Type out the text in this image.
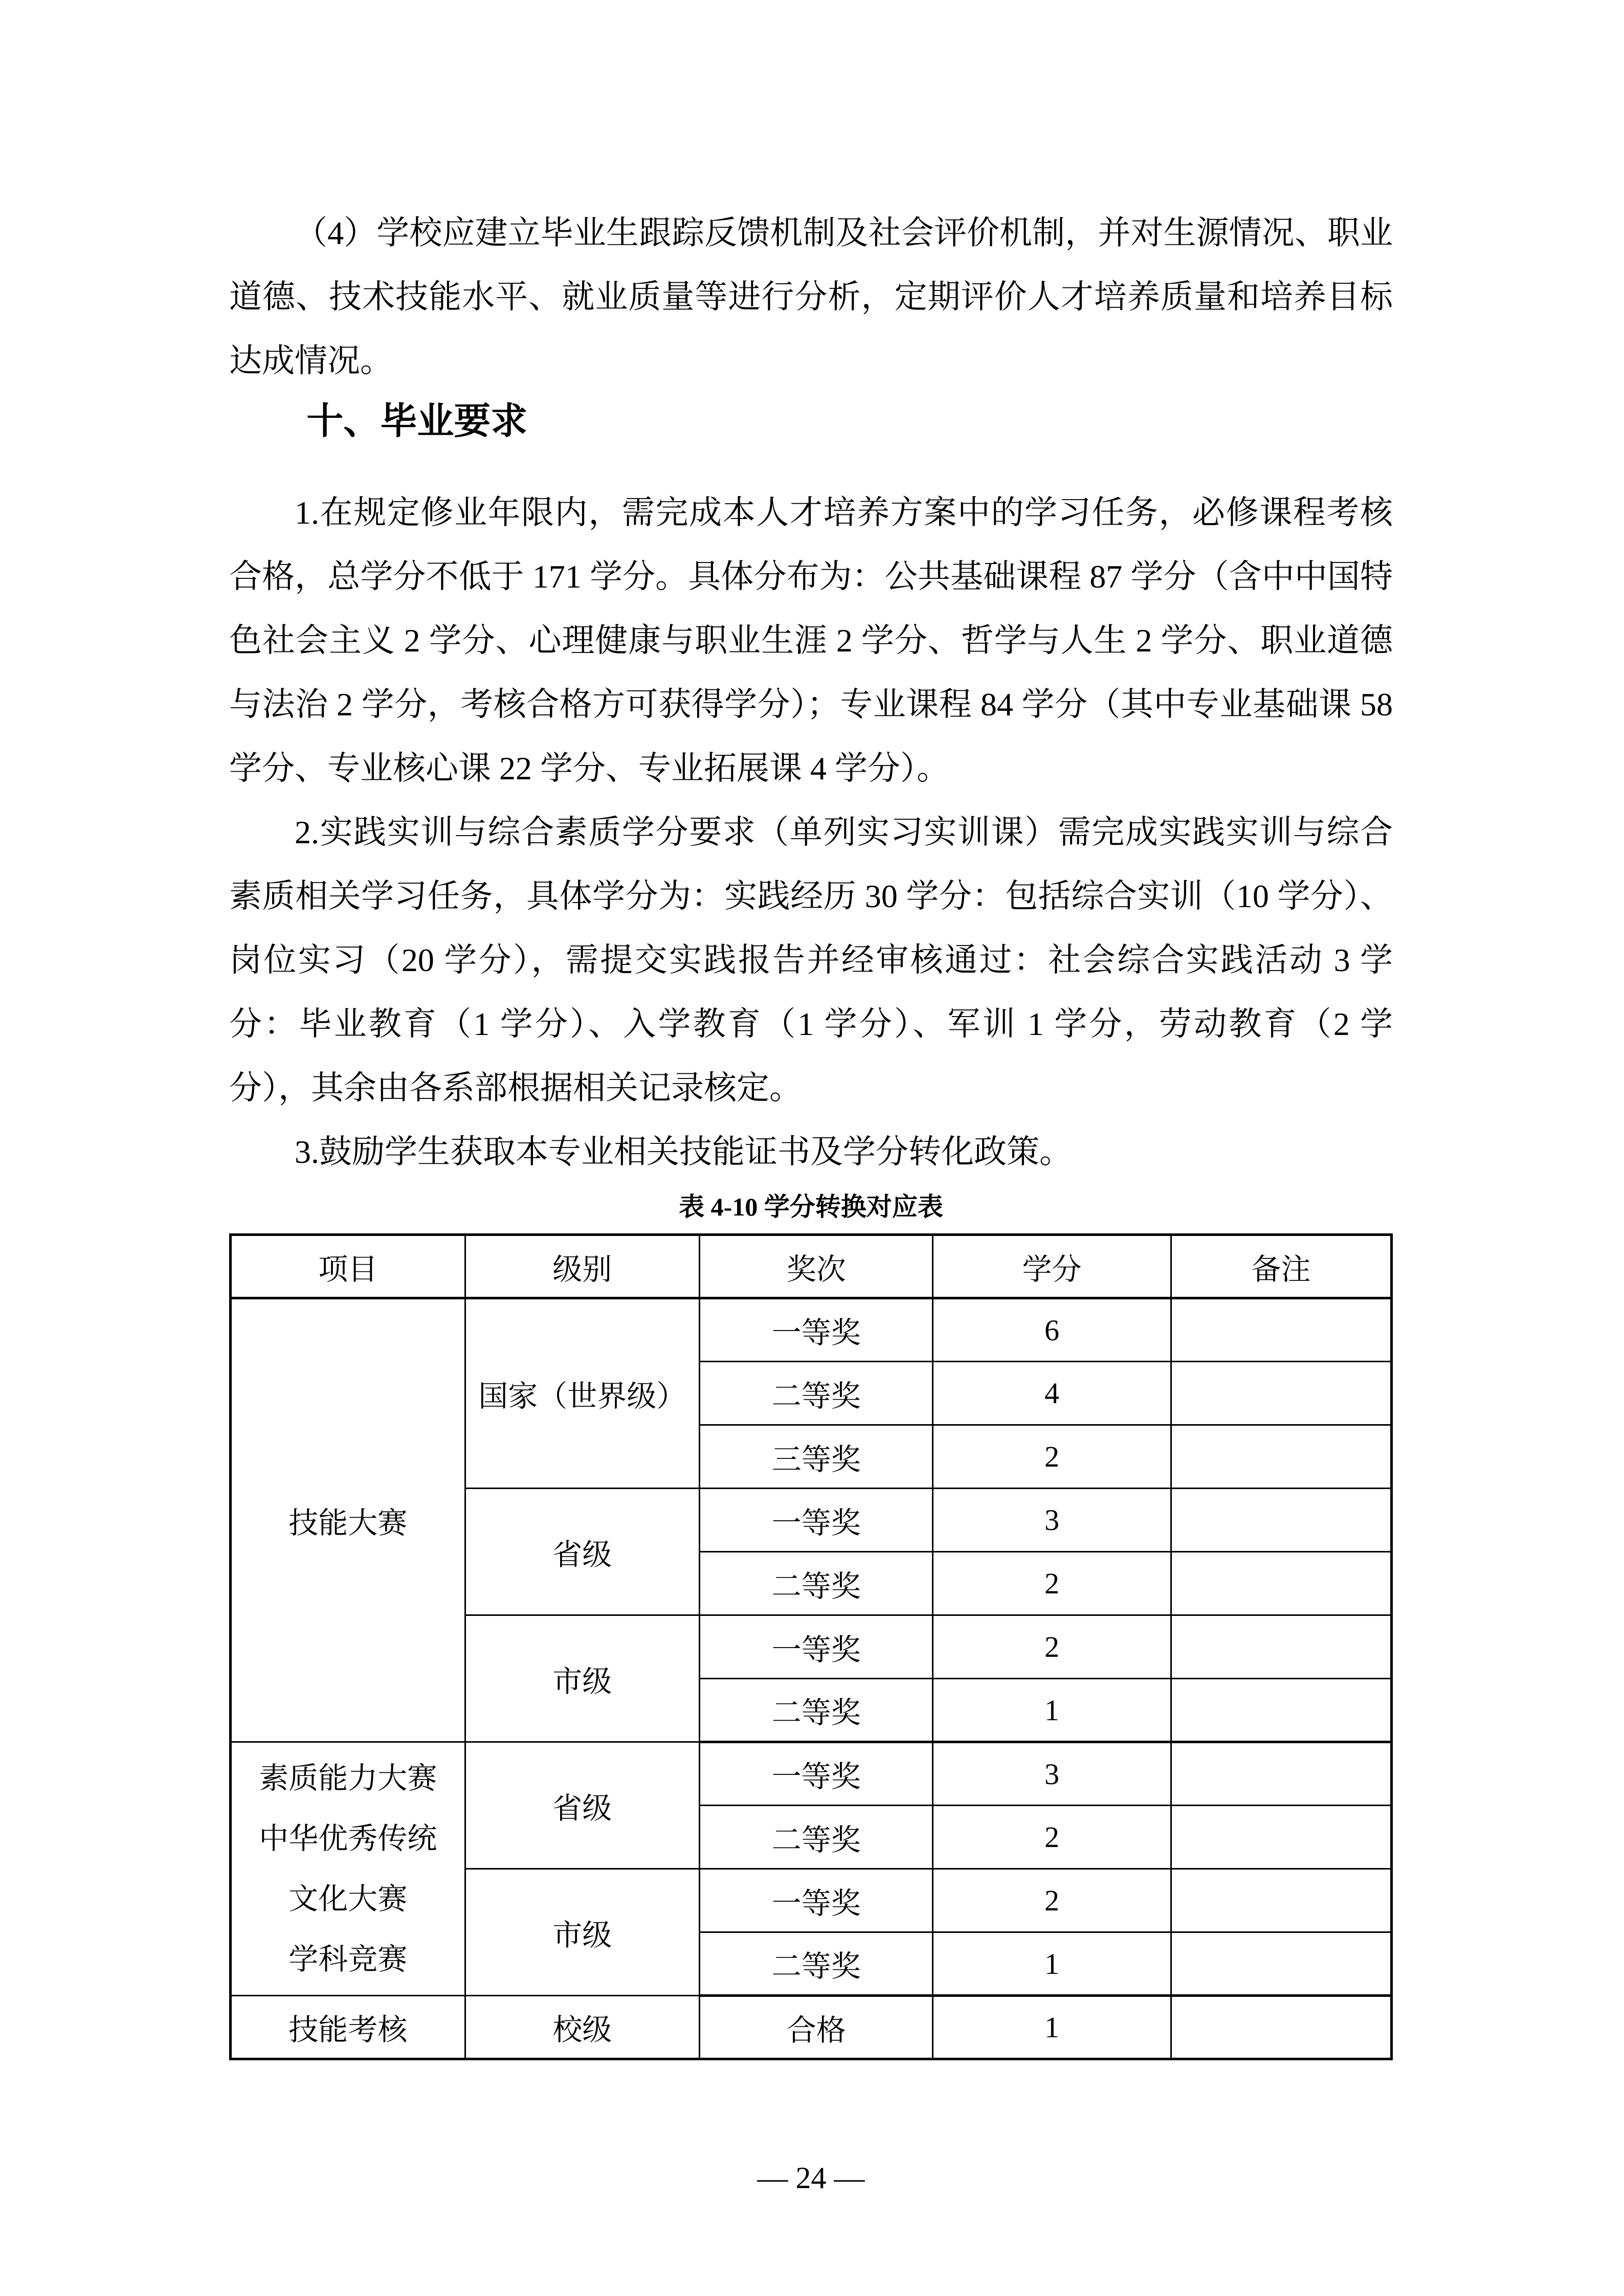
（4）学校应建立毕业生跟踪反馈机制及社会评价机制，并对生源情况、职业道德、技术技能水平、就业质量等进行分析，定期评价人才培养质量和培养目标达成情况。

十、毕业要求

1.在规定修业年限内，需完成本人才培养方案中的学习任务，必修课程考核合格，总学分不低于 171 学分。具体分布为：公共基础课程 87 学分（含中中国特色社会主义 2 学分、心理健康与职业生涯 2 学分、哲学与人生 2 学分、职业道德与法治 2 学分，考核合格方可获得学分）；专业课程 84 学分（其中专业基础课 58 学分、专业核心课 22 学分、专业拓展课 4 学分）。

2.实践实训与综合素质学分要求（单列实习实训课）需完成实践实训与综合素质相关学习任务，具体学分为：实践经历 30 学分：包括综合实训（10 学分）、岗位实习（20 学分），需提交实践报告并经审核通过：社会综合实践活动 3 学分：毕业教育（1 学分）、入学教育（1 学分）、军训 1 学分，劳动教育（2 学分），其余由各系部根据相关记录核定。

3.鼓励学生获取本专业相关技能证书及学分转化政策。

表 4-10 学分转换对应表
项目	级别	奖次	学分	备注
技能大赛	国家（世界级）	一等奖	6	
		二等奖	4	
		三等奖	2	
	省级	一等奖	3	
		二等奖	2	
	市级	一等奖	2	
		二等奖	1	

素质能力大赛
中华优秀传统
文化大赛
学科竞赛	省级	一等奖	3	
		二等奖	2	
	市级	一等奖	2	
		二等奖	1	
技能考核	校级	合格	1	
— 24 —
